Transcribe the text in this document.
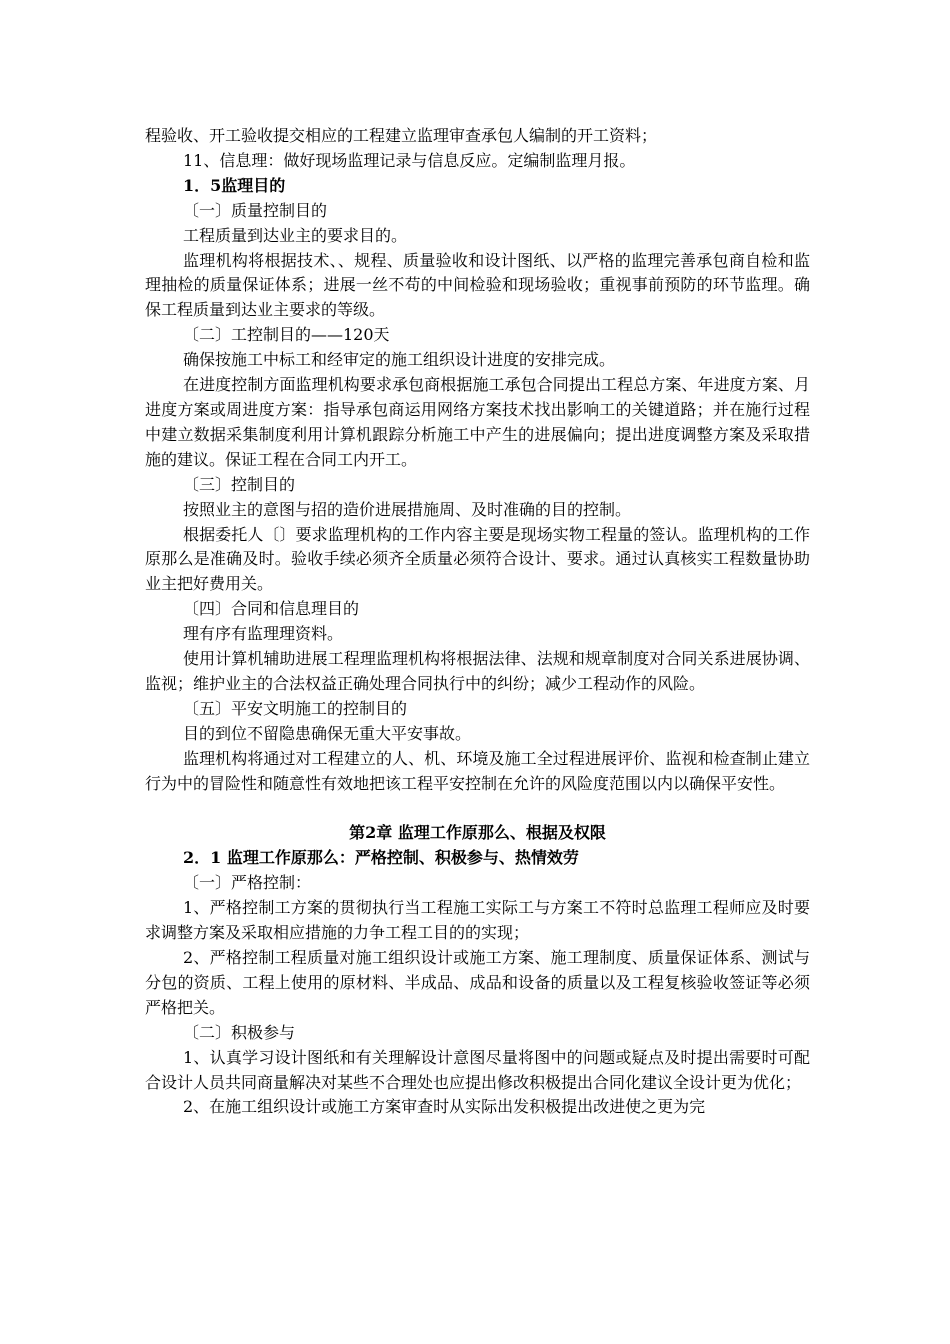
程验收、开工验收提交相应的工程建立监理审查承包人编制的开工资料；

11、信息理：做好现场监理记录与信息反应。定编制监理月报。

1．5监理目的

〔一〕质量控制目的

工程质量到达业主的要求目的。

监理机构将根据技术、、规程、质量验收和设计图纸、以严格的监理完善承包商自检和监理抽检的质量保证体系；进展一丝不苟的中间检验和现场验收；重视事前预防的环节监理。确保工程质量到达业主要求的等级。

〔二〕工控制目的——120天

确保按施工中标工和经审定的施工组织设计进度的安排完成。

在进度控制方面监理机构要求承包商根据施工承包合同提出工程总方案、年进度方案、月进度方案或周进度方案：指导承包商运用网络方案技术找出影响工的关键道路；并在施行过程中建立数据采集制度利用计算机跟踪分析施工中产生的进展偏向；提出进度调整方案及采取措施的建议。保证工程在合同工内开工。

〔三〕控制目的

按照业主的意图与招的造价进展措施周、及时准确的目的控制。

根据委托人〔〕要求监理机构的工作内容主要是现场实物工程量的签认。监理机构的工作原那么是准确及时。验收手续必须齐全质量必须符合设计、要求。通过认真核实工程数量协助业主把好费用关。

〔四〕合同和信息理目的

理有序有监理理资料。

使用计算机辅助进展工程理监理机构将根据法律、法规和规章制度对合同关系进展协调、监视；维护业主的合法权益正确处理合同执行中的纠纷；减少工程动作的风险。

〔五〕平安文明施工的控制目的

目的到位不留隐患确保无重大平安事故。

监理机构将通过对工程建立的人、机、环境及施工全过程进展评价、监视和检查制止建立行为中的冒险性和随意性有效地把该工程平安控制在允许的风险度范围以内以确保平安性。

第2章 监理工作原那么、根据及权限

2．1 监理工作原那么：严格控制、积极参与、热情效劳

〔一〕严格控制：

1、严格控制工方案的贯彻执行当工程施工实际工与方案工不符时总监理工程师应及时要求调整方案及采取相应措施的力争工程工目的的实现；

2、严格控制工程质量对施工组织设计或施工方案、施工理制度、质量保证体系、测试与分包的资质、工程上使用的原材料、半成品、成品和设备的质量以及工程复核验收签证等必须严格把关。

〔二〕积极参与

1、认真学习设计图纸和有关理解设计意图尽量将图中的问题或疑点及时提出需要时可配合设计人员共同商量解决对某些不合理处也应提出修改积极提出合同化建议全设计更为优化；

2、在施工组织设计或施工方案审查时从实际出发积极提出改进使之更为完
